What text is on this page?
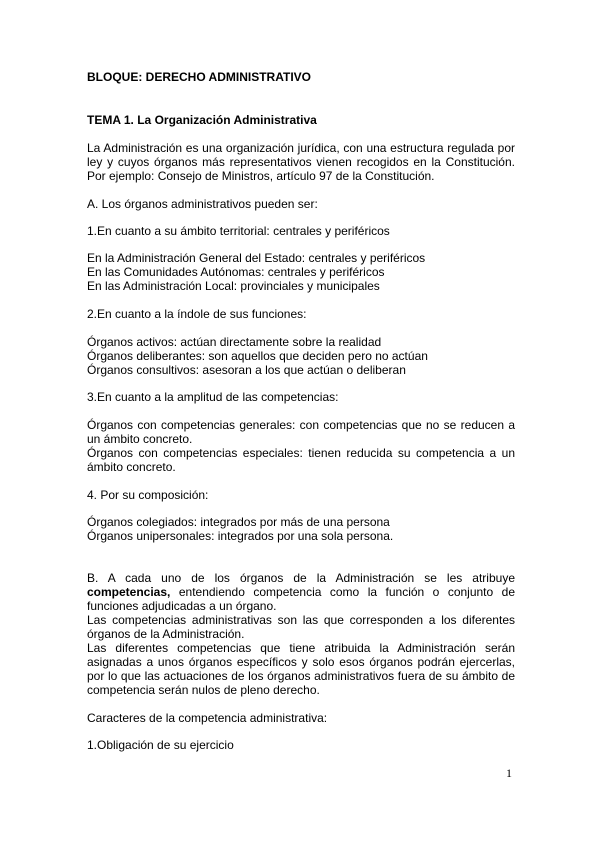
BLOQUE: DERECHO ADMINISTRATIVO
TEMA 1. La Organización Administrativa
La Administración es una organización jurídica, con una estructura regulada por
ley y cuyos órganos más representativos vienen recogidos en la Constitución.
Por ejemplo: Consejo de Ministros, artículo 97 de la Constitución.
A. Los órganos administrativos pueden ser:
1.En cuanto a su ámbito territorial: centrales y periféricos
En la Administración General del Estado: centrales y periféricos
En las Comunidades Autónomas: centrales y periféricos
En las Administración Local: provinciales y municipales
2.En cuanto a la índole de sus funciones:
Órganos activos: actúan directamente sobre la realidad
Órganos deliberantes: son aquellos que deciden pero no actúan
Órganos consultivos: asesoran a los que actúan o deliberan
3.En cuanto a la amplitud de las competencias:
Órganos con competencias generales: con competencias que no se reducen a
un ámbito concreto.
Órganos con competencias especiales: tienen reducida su competencia a un
ámbito concreto.
4. Por su composición:
Órganos colegiados: integrados por más de una persona
Órganos unipersonales: integrados por una sola persona.
B. A cada uno de los órganos de la Administración se les atribuye
competencias, entendiendo competencia como la función o conjunto de
funciones adjudicadas a un órgano.
Las competencias administrativas son las que corresponden a los diferentes
órganos de la Administración.
Las diferentes competencias que tiene atribuida la Administración serán
asignadas a unos órganos específicos y solo esos órganos podrán ejercerlas,
por lo que las actuaciones de los órganos administrativos fuera de su ámbito de
competencia serán nulos de pleno derecho.
Caracteres de la competencia administrativa:
1.Obligación de su ejercicio
1
